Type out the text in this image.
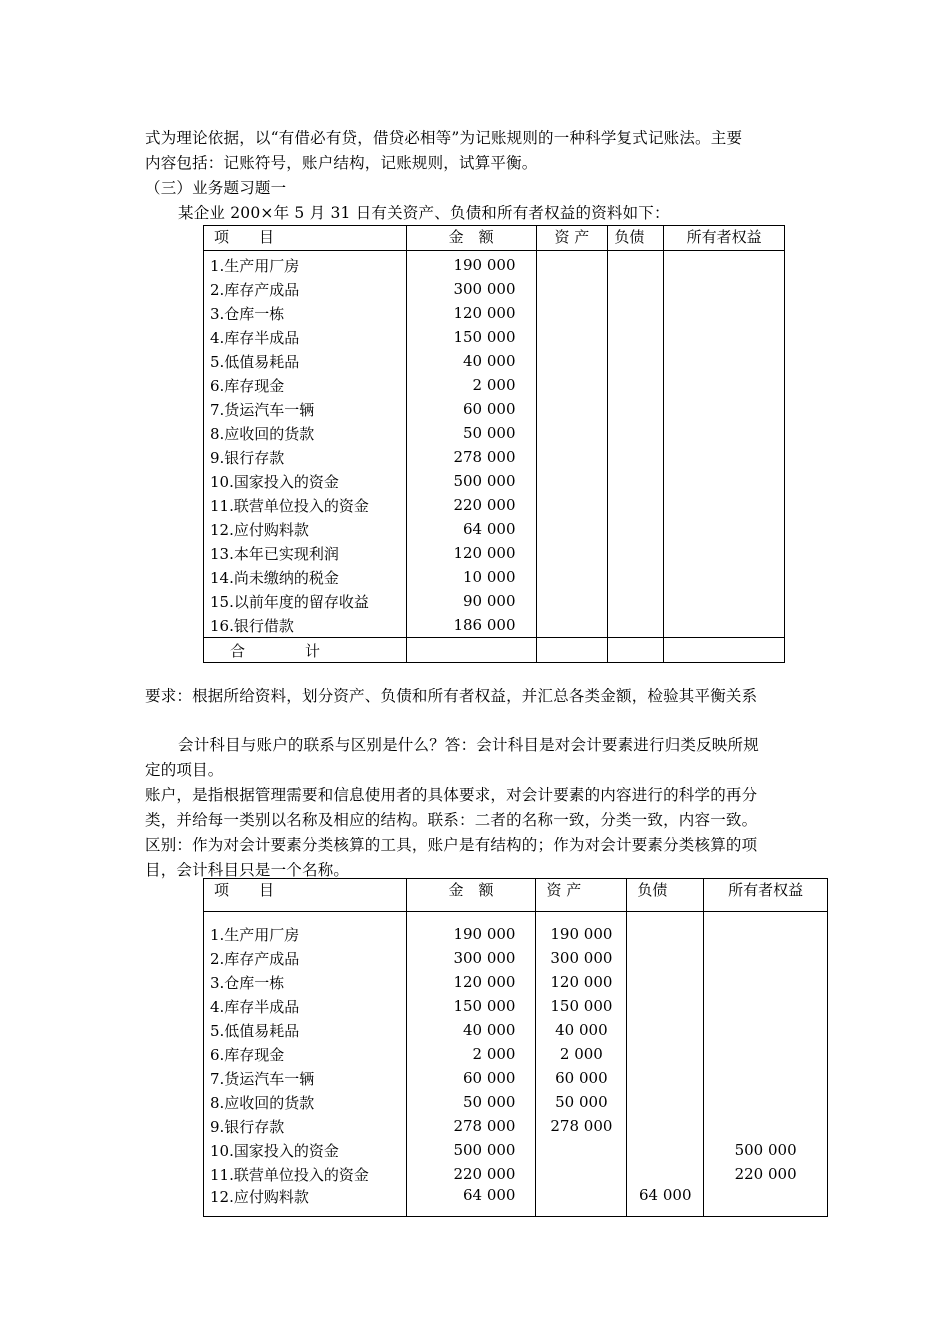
式为理论依据，以“有借必有贷，借贷必相等”为记账规则的一种科学复式记账法。主要
内容包括：记账符号，账户结构，记账规则，试算平衡。
（三）业务题习题一
某企业 200×年 5 月 31 日有关资产、负债和所有者权益的资料如下：
项　　目	金　额	资 产	负债	所有者权益
1.生产用厂房	190 000			
2.库存产成品	300 000			
3.仓库一栋	120 000			
4.库存半成品	150 000			
5.低值易耗品	40 000			
6.库存现金	2 000			
7.货运汽车一辆	60 000			
8.应收回的货款	50 000			
9.银行存款	278 000			
10.国家投入的资金	500 000			
11.联营单位投入的资金	220 000			
12.应付购料款	64 000			
13.本年已实现利润	120 000			
14.尚未缴纳的税金	10 000			
15.以前年度的留存收益	90 000			
16.银行借款	186 000			
合　　　　计				
要求：根据所给资料，划分资产、负债和所有者权益，并汇总各类金额，检验其平衡关系
会计科目与账户的联系与区别是什么？答：会计科目是对会计要素进行归类反映所规
定的项目。
账户，是指根据管理需要和信息使用者的具体要求，对会计要素的内容进行的科学的再分
类，并给每一类别以名称及相应的结构。联系：二者的名称一致，分类一致，内容一致。
区别：作为对会计要素分类核算的工具，账户是有结构的；作为对会计要素分类核算的项
目，会计科目只是一个名称。
项　　目	金　额	资 产	负债	所有者权益

1.生产用厂房	190 000	190 000		
2.库存产成品	300 000	300 000		
3.仓库一栋	120 000	120 000		
4.库存半成品	150 000	150 000		
5.低值易耗品	40 000	40 000		
6.库存现金	2 000	2 000		
7.货运汽车一辆	60 000	60 000		
8.应收回的货款	50 000	50 000		
9.银行存款	278 000	278 000		
10.国家投入的资金	500 000			500 000
11.联营单位投入的资金	220 000			220 000
12.应付购料款	64 000		64 000	
